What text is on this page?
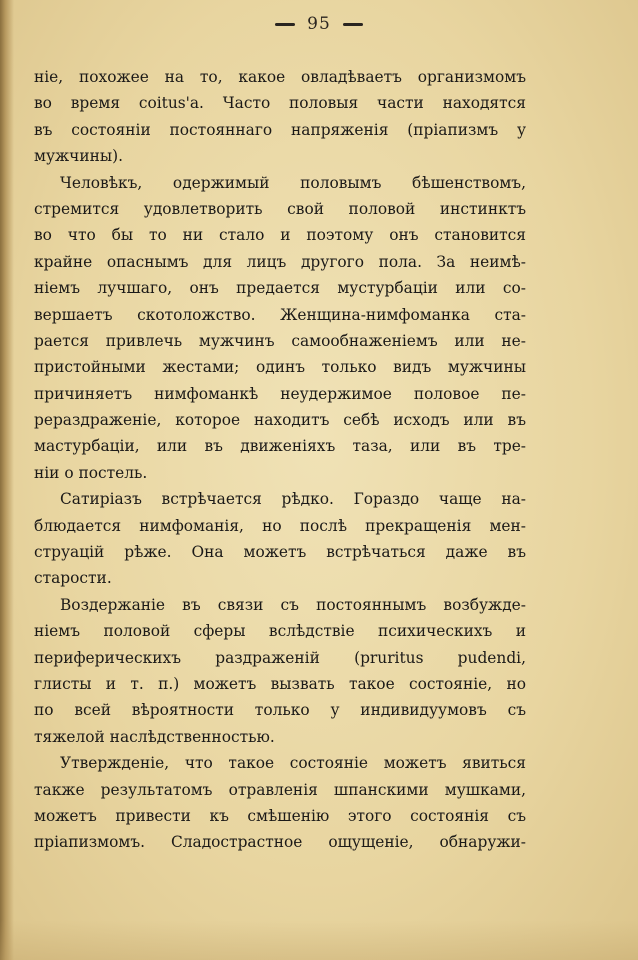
95
ніе, похожее на то, какое овладѣваетъ организмомъ
во время coitus'а. Часто половыя части находятся
въ состояніи постояннаго напряженія (пріапизмъ у
мужчины).
Человѣкъ, одержимый половымъ бѣшенствомъ,
стремится удовлетворить свой половой инстинктъ
во что бы то ни стало и поэтому онъ становится
крайне опаснымъ для лицъ другого пола. За неимѣ-
ніемъ лучшаго, онъ предается мустурбаціи или со-
вершаетъ скотоложство. Женщина-нимфоманка ста-
рается привлечь мужчинъ самообнаженіемъ или не-
пристойными жестами; одинъ только видъ мужчины
причиняетъ нимфоманкѣ неудержимое половое пе-
рераздраженіе, которое находитъ себѣ исходъ или въ
мастурбаціи, или въ движеніяхъ таза, или въ тре-
ніи о постель.
Сатиріазъ встрѣчается рѣдко. Гораздо чаще на-
блюдается нимфоманія, но послѣ прекращенія мен-
струацій рѣже. Она можетъ встрѣчаться даже въ
старости.
Воздержаніе въ связи съ постояннымъ возбужде-
ніемъ половой сферы вслѣдствіе психическихъ и
периферическихъ раздраженій (pruritus pudendi,
глисты и т. п.) можетъ вызвать такое состояніе, но
по всей вѣроятности только у индивидуумовъ съ
тяжелой наслѣдственностью.
Утвержденіе, что такое состояніе можетъ явиться
также результатомъ отравленія шпанскими мушками,
можетъ привести къ смѣшенію этого состоянія съ
пріапизмомъ. Сладострастное ощущеніе, обнаружи-
